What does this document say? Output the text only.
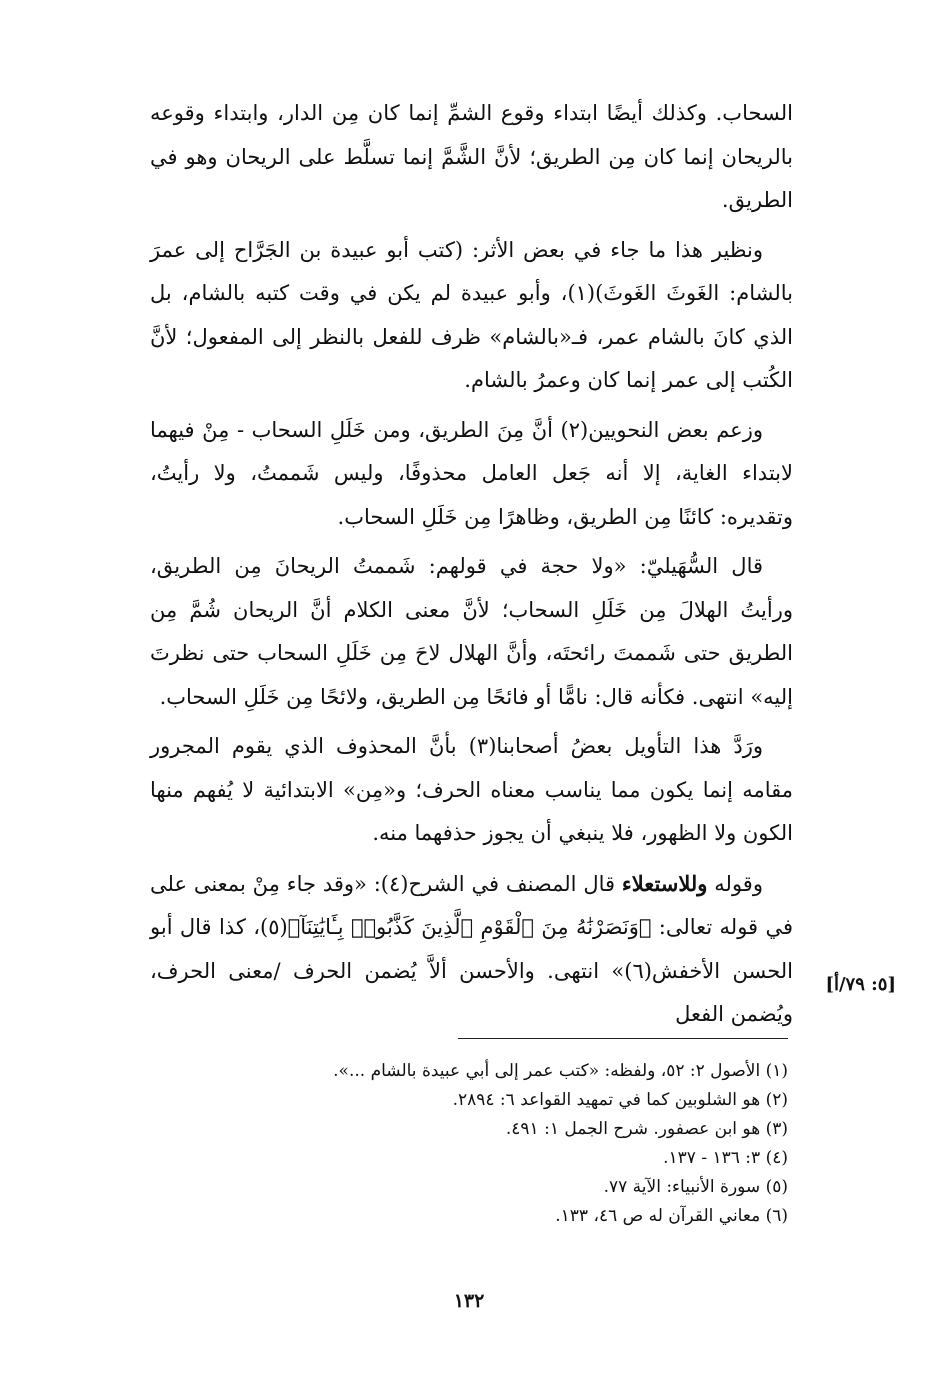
السحاب. وكذلك أيضًا ابتداء وقوع الشمِّ إنما كان مِن الدار، وابتداء وقوعه بالريحان إنما كان مِن الطريق؛ لأنَّ الشَّمَّ إنما تسلَّط على الريحان وهو في الطريق.

ونظير هذا ما جاء في بعض الأثر: (كتب أبو عبيدة بن الجَرَّاح إلى عمرَ بالشام: الغَوثَ الغَوثَ)(١)، وأبو عبيدة لم يكن في وقت كتبه بالشام، بل الذي كانَ بالشام عمر، فـ«بالشام» ظرف للفعل بالنظر إلى المفعول؛ لأنَّ الكُتب إلى عمر إنما كان وعمرُ بالشام.

وزعم بعض النحويين(٢) أنَّ مِنَ الطريق، ومن خَلَلِ السحاب - مِنْ فيهما لابتداء الغاية، إلا أنه جَعل العامل محذوفًا، وليس شَممتُ، ولا رأيتُ، وتقديره: كائنًا مِن الطريق، وظاهرًا مِن خَلَلِ السحاب.

قال السُّهَيليّ: «ولا حجة في قولهم: شَممتُ الريحانَ مِن الطريق، ورأيتُ الهلالَ مِن خَلَلِ السحاب؛ لأنَّ معنى الكلام أنَّ الريحان شُمَّ مِن الطريق حتى شَممتَ رائحتَه، وأنَّ الهلال لاحَ مِن خَلَلِ السحاب حتى نظرتَ إليه» انتهى. فكأنه قال: نامًّا أو فائحًا مِن الطريق، ولائحًا مِن خَلَلِ السحاب.

ورَدَّ هذا التأويل بعضُ أصحابنا(٣) بأنَّ المحذوف الذي يقوم المجرور مقامه إنما يكون مما يناسب معناه الحرف؛ و«مِن» الابتدائية لا يُفهم منها الكون ولا الظهور، فلا ينبغي أن يجوز حذفهما منه.

وقوله وللاستعلاء قال المصنف في الشرح(٤): «وقد جاء مِنْ بمعنى على في قوله تعالى: ﴿وَنَصَرْنَٰهُ مِنَ ٱلْقَوْمِ ٱلَّذِينَ كَذَّبُوا۟ بِـَٔايَٰتِنَآ﴾(٥)، كذا قال أبو الحسن الأخفش(٦)» انتهى. والأحسن ألاَّ يُضمن الحرف /معنى الحرف، ويُضمن الفعل

[٥: ٧٩/أ]
(١) الأصول ٢: ٥٢، ولفظه: «كتب عمر إلى أبي عبيدة بالشام ...».
(٢) هو الشلوبين كما في تمهيد القواعد ٦: ٢٨٩٤.
(٣) هو ابن عصفور. شرح الجمل ١: ٤٩١.
(٤) ٣: ١٣٦ - ١٣٧.
(٥) سورة الأنبياء: الآية ٧٧.
(٦) معاني القرآن له ص ٤٦، ١٣٣.
١٣٢
